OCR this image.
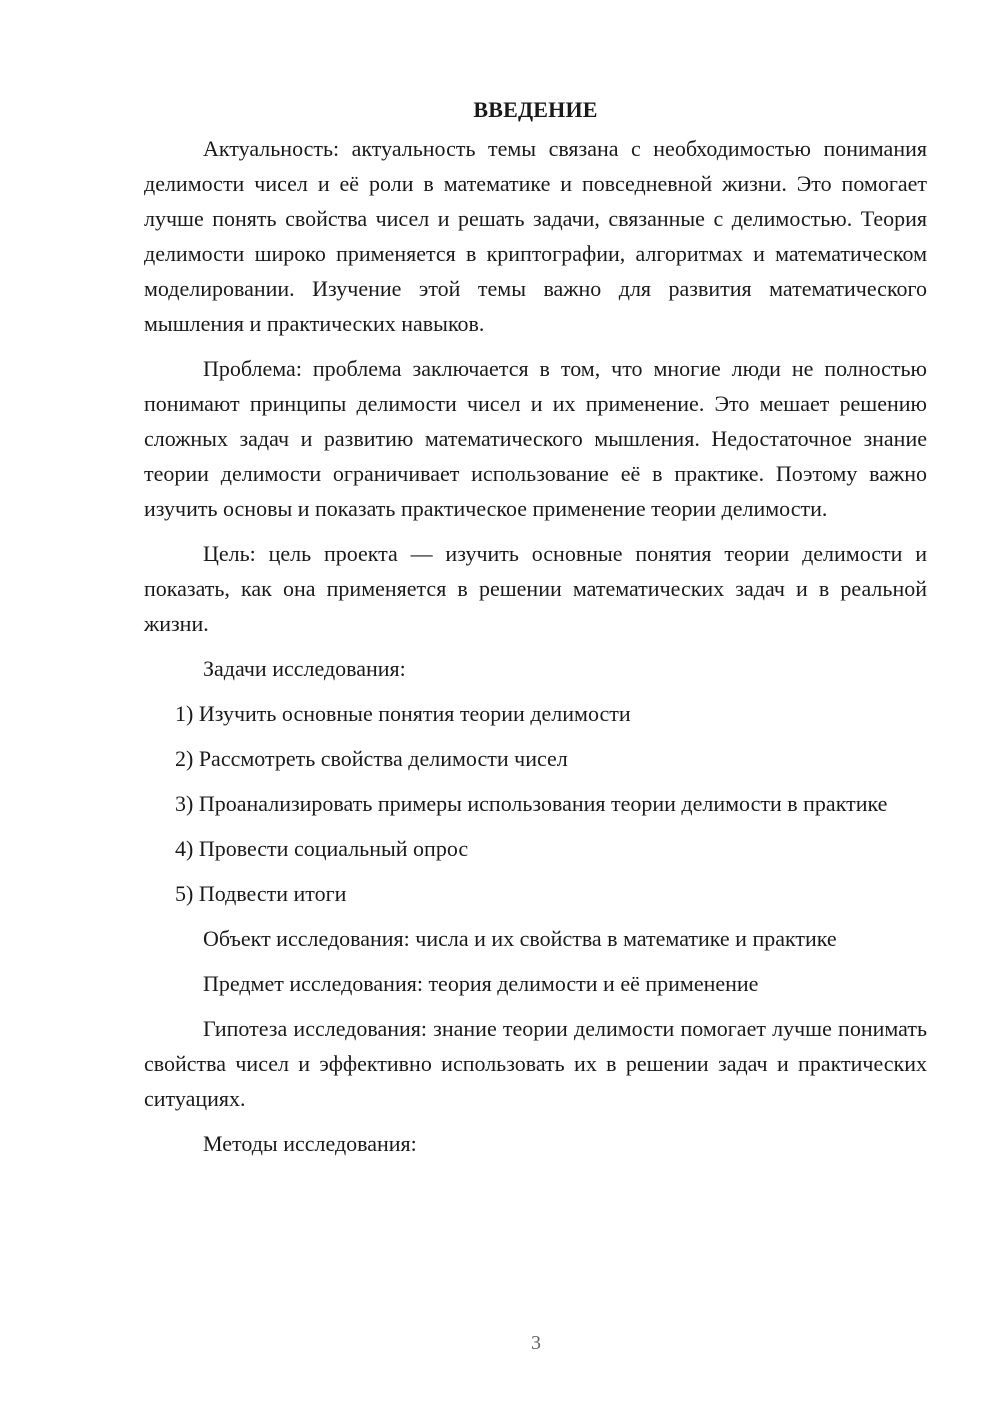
ВВЕДЕНИЕ

Актуальность: актуальность темы связана с необходимостью понимания делимости чисел и её роли в математике и повседневной жизни. Это помогает лучше понять свойства чисел и решать задачи, связанные с делимостью. Теория делимости широко применяется в криптографии, алгоритмах и математическом моделировании. Изучение этой темы важно для развития математического мышления и практических навыков.

Проблема: проблема заключается в том, что многие люди не полностью понимают принципы делимости чисел и их применение. Это мешает решению сложных задач и развитию математического мышления. Недостаточное знание теории делимости ограничивает использование её в практике. Поэтому важно изучить основы и показать практическое применение теории делимости.

Цель: цель проекта — изучить основные понятия теории делимости и показать, как она применяется в решении математических задач и в реальной жизни.

Задачи исследования:

1) Изучить основные понятия теории делимости

2) Рассмотреть свойства делимости чисел

3) Проанализировать примеры использования теории делимости в практике

4) Провести социальный опрос

5) Подвести итоги

Объект исследования: числа и их свойства в математике и практике

Предмет исследования: теория делимости и её применение

Гипотеза исследования: знание теории делимости помогает лучше понимать свойства чисел и эффективно использовать их в решении задач и практических ситуациях.

Методы исследования:

3
